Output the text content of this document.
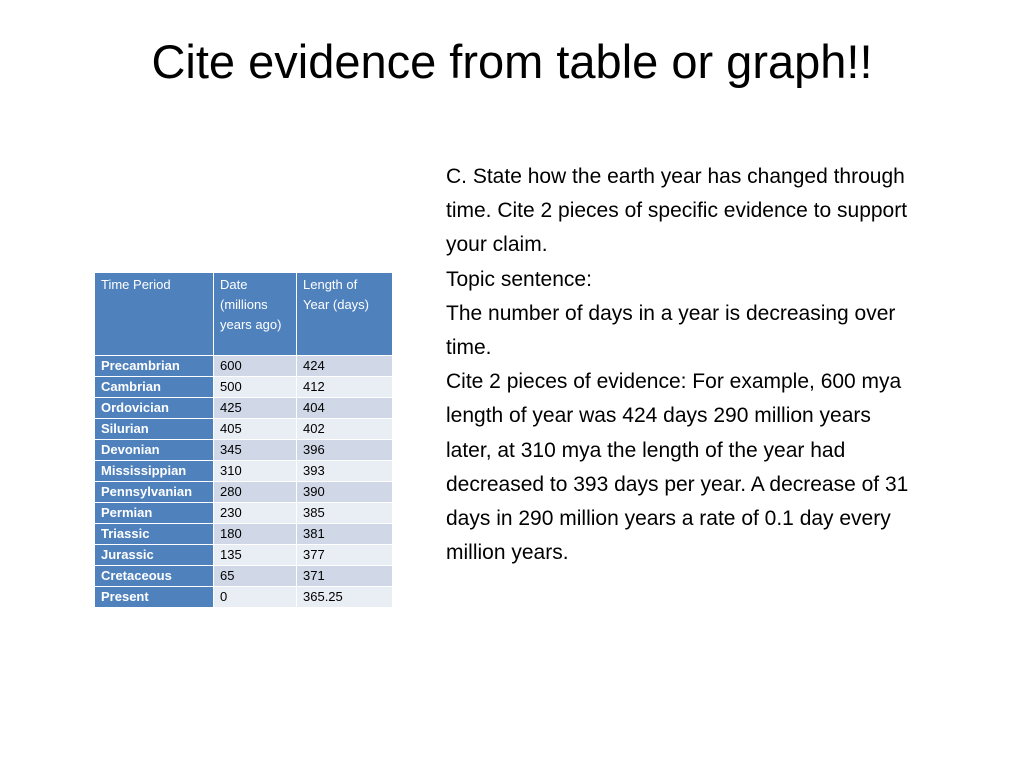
Cite evidence from table or graph!!
Time Period	Date (millions years ago)	Length of Year (days)
Precambrian	600	424
Cambrian	500	412
Ordovician	425	404
Silurian	405	402
Devonian	345	396
Mississippian	310	393
Pennsylvanian	280	390
Permian	230	385
Triassic	180	381
Jurassic	135	377
Cretaceous	65	371
Present	0	365.25

C. State how the earth year has changed through time. Cite 2 pieces of specific evidence to support your claim.

Topic sentence:

The number of days in a year is decreasing over time.

Cite 2 pieces of evidence: For example, 600 mya length of year was 424 days 290 million years later, at 310 mya the length of the year had decreased to 393 days per year. A decrease of 31 days in 290 million years a rate of 0.1 day every million years.
